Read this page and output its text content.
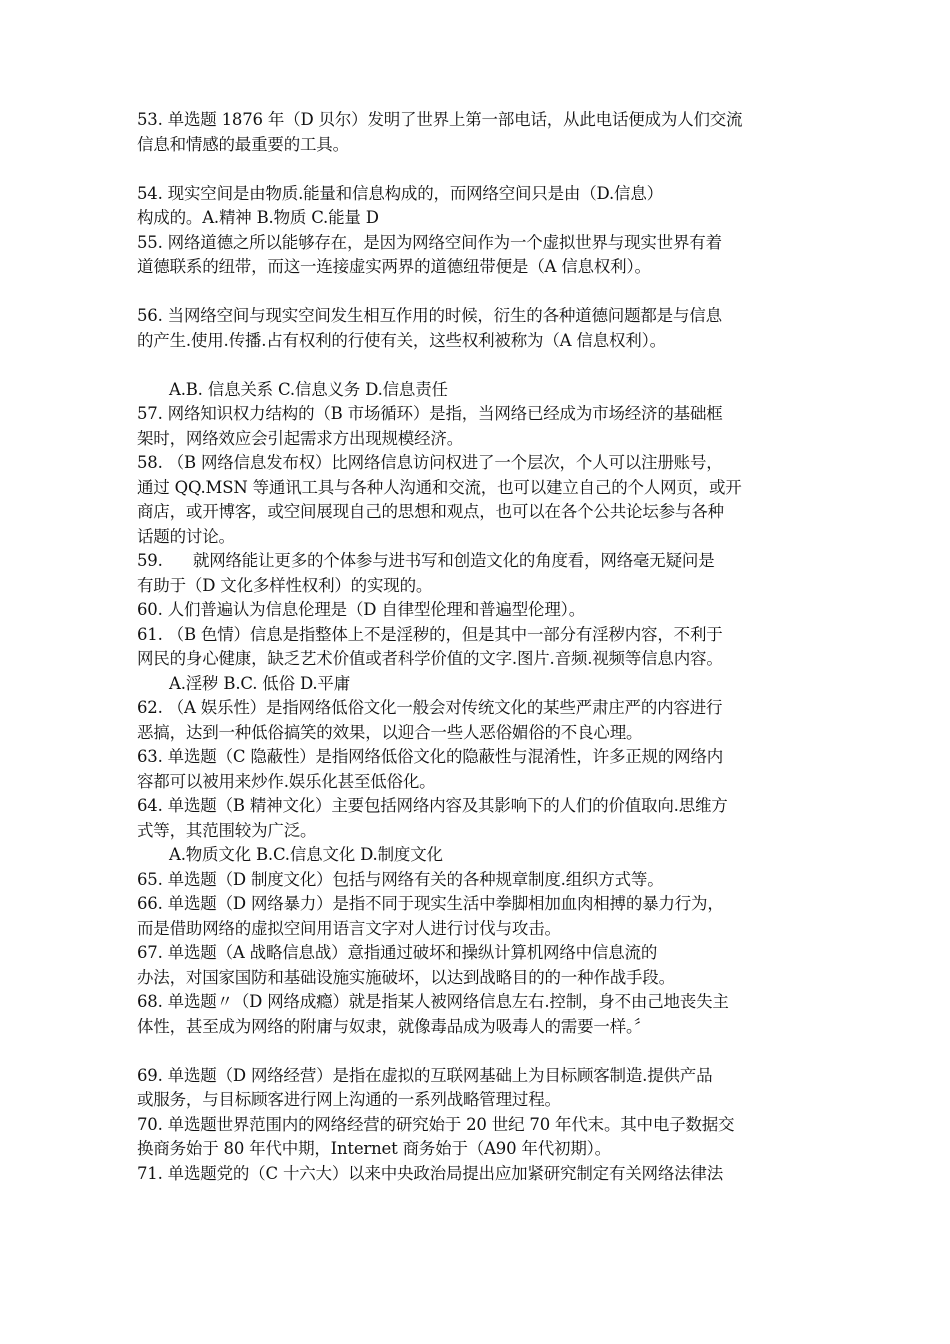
53. 单选题 1876 年（D 贝尔）发明了世界上第一部电话，从此电话便成为人们交流
信息和情感的最重要的工具。
54. 现实空间是由物质.能量和信息构成的，而网络空间只是由（D.信息）
构成的。A.精神 B.物质 C.能量 D
55. 网络道德之所以能够存在，是因为网络空间作为一个虚拟世界与现实世界有着
道德联系的纽带，而这一连接虚实两界的道德纽带便是（A 信息权利）。
56. 当网络空间与现实空间发生相互作用的时候，衍生的各种道德问题都是与信息
的产生.使用.传播.占有权利的行使有关，这些权利被称为（A 信息权利）。
A.B. 信息关系 C.信息义务 D.信息责任
57. 网络知识权力结构的（B 市场循环）是指，当网络已经成为市场经济的基础框
架时，网络效应会引起需求方出现规模经济。
58. （B 网络信息发布权）比网络信息访问权进了一个层次，个人可以注册账号，
通过 QQ.MSN 等通讯工具与各种人沟通和交流，也可以建立自己的个人网页，或开
商店，或开博客，或空间展现自己的思想和观点，也可以在各个公共论坛参与各种
话题的讨论。
59.      就网络能让更多的个体参与进书写和创造文化的角度看，网络毫无疑问是
有助于（D 文化多样性权利）的实现的。
60. 人们普遍认为信息伦理是（D 自律型伦理和普遍型伦理）。
61. （B 色情）信息是指整体上不是淫秽的，但是其中一部分有淫秽内容，不利于
网民的身心健康，缺乏艺术价值或者科学价值的文字.图片.音频.视频等信息内容。
A.淫秽 B.C. 低俗 D.平庸
62. （A 娱乐性）是指网络低俗文化一般会对传统文化的某些严肃庄严的内容进行
恶搞，达到一种低俗搞笑的效果，以迎合一些人恶俗媚俗的不良心理。
63. 单选题（C 隐蔽性）是指网络低俗文化的隐蔽性与混淆性，许多正规的网络内
容都可以被用来炒作.娱乐化甚至低俗化。
64. 单选题（B 精神文化）主要包括网络内容及其影响下的人们的价值取向.思维方
式等，其范围较为广泛。
A.物质文化 B.C.信息文化 D.制度文化
65. 单选题（D 制度文化）包括与网络有关的各种规章制度.组织方式等。
66. 单选题（D 网络暴力）是指不同于现实生活中拳脚相加血肉相搏的暴力行为，
而是借助网络的虚拟空间用语言文字对人进行讨伐与攻击。
67. 单选题（A 战略信息战）意指通过破坏和操纵计算机网络中信息流的
办法，对国家国防和基础设施实施破坏，以达到战略目的的一种作战手段。
68. 单选题〃（D 网络成瘾）就是指某人被网络信息左右.控制，身不由己地丧失主
体性，甚至成为网络的附庸与奴隶，就像毒品成为吸毒人的需要一样。〞
69. 单选题（D 网络经营）是指在虚拟的互联网基础上为目标顾客制造.提供产品
或服务，与目标顾客进行网上沟通的一系列战略管理过程。
70. 单选题世界范围内的网络经营的研究始于 20 世纪 70 年代末。其中电子数据交
换商务始于 80 年代中期，Internet 商务始于（A90 年代初期）。
71. 单选题党的（C 十六大）以来中央政治局提出应加紧研究制定有关网络法律法
